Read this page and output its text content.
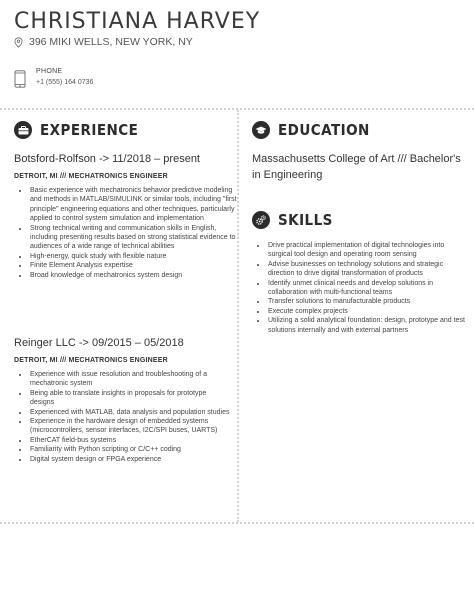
CHRISTIANA HARVEY
396 MIKI WELLS, NEW YORK, NY
PHONE
+1 (555) 164 0736
EXPERIENCE
Botsford-Rolfson -> 11/2018 – present
DETROIT, MI /// MECHATRONICS ENGINEER
• Basic experience with mechatronics behavior predictive modeling and methods in MATLAB/SIMULINK or similar tools, including "first principle" engineering equations and other techniques, particularly applied to control system simulation and implementation
• Strong technical writing and communication skills in English, including presenting results based on strong statistical evidence to audiences of a wide range of technical abilities
• High-energy, quick study with flexible nature
• Finite Element Analysis expertise
• Broad knowledge of mechatronics system design
Reinger LLC -> 09/2015 – 05/2018
DETROIT, MI /// MECHATRONICS ENGINEER
• Experience with issue resolution and troubleshooting of a mechatronic system
• Being able to translate insights in proposals for prototype designs
• Experienced with MATLAB, data analysis and population studies
• Experience in the hardware design of embedded systems (microcontrollers, sensor interfaces, I2C/SPI buses, UARTS)
• EtherCAT field-bus systems
• Familiarity with Python scripting or C/C++ coding
• Digital system design or FPGA experience
EDUCATION
Massachusetts College of Art /// Bachelor's in Engineering
SKILLS
• Drive practical implementation of digital technologies into surgical tool design and operating room sensing
• Advise businesses on technology solutions and strategic direction to drive digital transformation of products
• Identify unmet clinical needs and develop solutions in collaboration with multi-functional teams
• Transfer solutions to manufacturable products
• Execute complex projects
• Utilizing a solid analytical foundation: design, prototype and test solutions internally and with external partners
